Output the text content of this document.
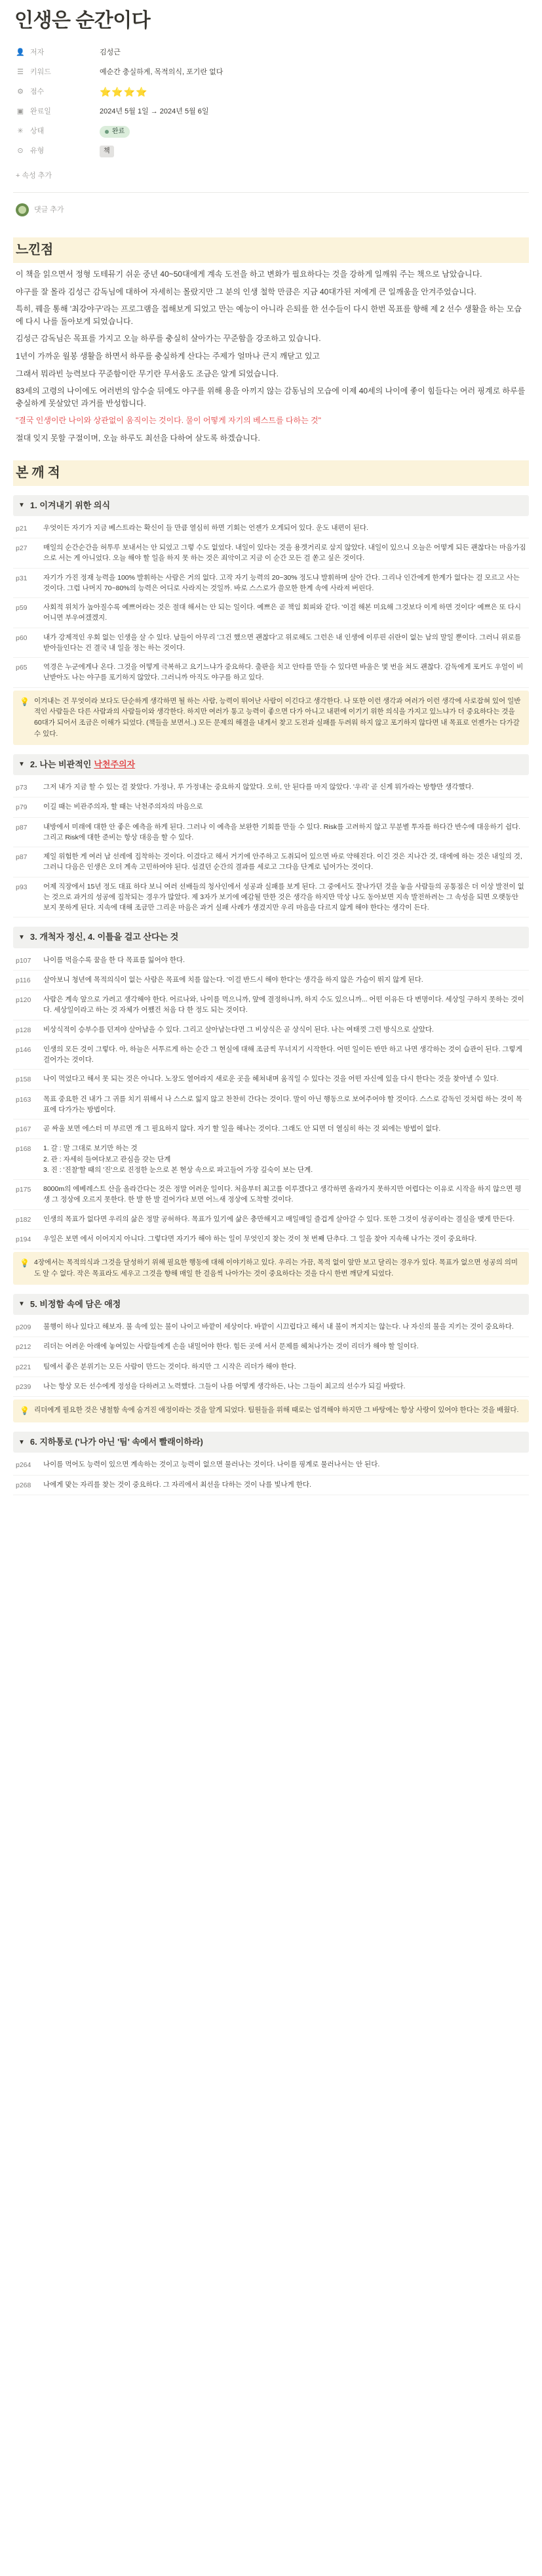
인생은 순간이다
👤 저자	김성근
☰ 키워드	예순간 충실하게, 목적의식, 포기란 없다
⚙ 점수	⭐⭐⭐⭐
▣ 완료일	2024년 5월 1일 → 2024년 5월 6일
✳ 상태	완료
⊙ 유형	책
+ 속성 추가
댓글 추가
느낀점

이 책을 읽으면서 정형 도테뮤기 쉬운 중년 40~50대에게 계속 도전을 하고 변화가 필요하다는 것을 강하게 일깨워 주는 책으로 남았습니다.

야구를 잘 몰라 김성근 감독님에 대하여 자세히는 몰랐지만 그 분의 인생 철학 만큼은 지금 40대가된 저에게 큰 일깨움을 안겨주었습니다.

특히, 꿰을 통해 '최강야구'라는 프로그램을 접해보게 되었고 만는 예능이 아니라 은퇴를 한 선수들이 다시 한번 목표를 향해 제 2 선수 생활을 하는 모습에 다시 나를 돌아보게 되었습니다.

김성근 감독님은 목표를 가지고 오늘 하루를 충실히 살아가는 꾸준함을 강조하고 있습니다.

1년이 가까운 월봉 생활을 하면서 하루를 충실하게 산다는 주제가 얼마나 큰지 깨닫고 있고

그래서 뭐라빈 능력보다 꾸준함이란 무기란 무서움도 조금은 알게 되었습니다.

83세의 고령의 나이에도 여러번의 암수술 뒤에도 야구를 위해 용을 아끼지 않는 감동님의 모습에 이제 40세의 나이에 좋이 힘들다는 여러 핑계로 하루를 충실하게 못살았던 과거를 반성합니다.

"결국 인생이란 나이와 상관없이 움직이는 것이다. 물이 어떻게 자기의 베스트를 다하는 것"

절대 잊지 못할 구절이며, 오늘 하루도 최선을 다하여 살도록 하겠습니다.

본 깨 적
▼ 1. 이겨내기 위한 의식
p21	우엇이든 자기가 지금 베스트라는 확신이 들 만큼 열심히 하면 기회는 언젠가 오게되어 있다. 운도 내편이 된다.
p27	매일의 순간순간을 허투루 보내서는 안 되었고 그렇 수도 없었다. 내일이 있다는 것을 용겟거리로 삼지 않았다. 내일이 있으니 오늘은 어떻게 되든 괜찮다는 마음가짐으로 서는 게 아니었다. 오늘 해야 할 일을 하지 못 하는 것은 죄악이고 지금 이 순간 모든 걸 쏟고 싶은 것이다.
p31	자기가 가진 정재 능력을 100% 발휘하는 사람은 거의 없다. 고작 자기 능력의 20~30% 정도냐 발휘하며 살아 간다. 그리나 인간에게 한계가 없다는 걸 모르고 사는 것이다. 그럼 나머지 70~80%의 능력은 어디로 사라지는 것일까. 바로 스스로가 쓸모한 한계 속에 사라져 버린다.
p59	사회적 위치가 높아질수록 예쁘어라는 것은 절대 해서는 안 되는 일이다. 예쁘은 곧 책임 회피와 같다. '이걸 해본 미요해 그것보다 이게 하면 것이다' 예쁘은 또 다시 어니면 부우여겠겠지.
p60	내가 강제적인 우회 없는 인생을 살 수 있다. 남들이 아무리 '그건 했으면 괜찮다'고 위로해도 그런은 내 인생에 이루핀 쉬란이 없는 남의 말일 뿐이다. 그러니 위로를 받아들인다는 건 결국 내 일을 정는 하는 것이다.
p65	역경은 누군에게나 온다. 그것을 어떻게 극복하고 요기느냐가 중요하다. 출판을 치고 안타를 만들 수 있다면 바울은 몇 번을 쳐도 괜찮다. 감독에게 포커도 우얼이 비난받아도 나는 야구를 포기하지 않았다. 그러니까 아직도 야구를 하고 있다.
💡 이겨내는 건 무엇이라 보다도 단순하게 생각하면 될 하는 사람, 능력이 뛰어난 사람이 이긴다고 생각한다. 나 또한 이런 생각과 여러가 이런 생각에 사로잡혀 있어 일반적인 사람들은 다른 사람과의 사람들이와 생각한다. 하지만 여러가 통고 능력이 좋으면 다가 아니고 내편에 이기기 위한 의식을 가지고 있느냐가 더 중요하다는 것을 60대가 되어서 조금은 이해가 되었다. (책들을 보면서..) 모든 문제의 해결을 내게서 찾고 도전과 실패를 두려워 하지 않고 포기하지 않다면 내 목표로 언젠가는 다가갈 수 있다.
▼ 2. 나는 비관적인 낙천주의자
p73	그저 내가 지금 할 수 있는 걸 찾았다. 가정나, 루 가정내는 중요하지 않았다. 오히, 안 된다를 마지 않았다. '우리' 곧 신게 뭐가라는 방향만 생각했다.
p79	이길 때는 비관주의자, 할 때는 낙천주의자의 마음으로
p87	내방에서 미래에 대한 안 좋은 예측을 하게 된다. 그러나 이 예측을 보완한 기회를 만들 수 있다. Risk를 고려하지 않고 무분별 투자를 하다간 반수에 대응하기 쉽다. 그리고 Risk에 대한 준비는 항상 대응을 할 수 있다.
p87	제일 위험한 게 여러 남 선레에 집착하는 것이다. 이겼다고 해서 거기에 안주하고 도취되어 있으면 바로 약해진다. 이긴 것은 지나간 것, 대에에 하는 것은 내일의 것, 그러니 다음은 인생은 오더 계속 고민하여야 된다. 섬겼던 순간의 결과를 세로고 그다음 단계로 넘어가는 것이다.
p93	어제 직장에서 15년 정도 대표 하다 보니 여러 선배들의 청사인에서 성공과 실패를 보게 된다. 그 중에서도 잘나가던 것을 놓을 사람들의 공통점은 더 이상 발전이 없는 것으로 과거의 성공에 집착되는 경우가 많았다. 제 3자가 보기에 예감될 만한 것은 생각을 하지만 막상 나도 동아보면 지속 발전하려는 그 속성을 되면 오랫동안 보지 못하게 된다. 지속에 대해 조금만 그리운 마음은 과거 실패 사례가 생겼지만 우리 마음을 다르지 않게 해야 한다는 생각이 든다.
▼ 3. 개척자 정신, 4. 이틀을 걸고 산다는 것
p107	나이를 먹을수록 꿈을 한 다 목표를 잃어야 한다.
p116	살아보니 청년에 목적의식이 없는 사람은 목표에 치를 않는다. '이걸 반드시 해야 한다'는 생각을 하지 않은 가슴이 뛰지 않게 된다.
p120	사람은 계속 앞으로 가려고 생각해야 한다. 어르나와, 나이를 먹으니까, 앞에 결정하니까, 하지 수도 있으니까... 어떤 이유든 다 변명이다. 세상일 구하지 못하는 것이다. 세상일이라고 하는 것 자체가 어쨌건 처음 다 한 정도 되는 것이다.
p128	비상식적이 승부수를 던져야 살아남을 수 있다. 그리고 살아남는다면 그 비상식은 곧 상식이 된다. 나는 여태껏 그런 방식으로 살았다.
p146	인생의 모든 것이 그렇다. 아, 하늘은 서투르게 하는 순간 그 현실에 대해 조금씩 무너지기 시작한다. 어떤 일이든 반만 하고 나면 생각하는 것이 습관이 된다. 그렇게 걸어가는 것이다.
p158	나이 먹었다고 해서 못 되는 것은 아니다. 노장도 열어라지 새로운 곳을 헤쳐내며 움직일 수 있다는 것을 어떤 자신에 있을 다시 한다는 것을 찾아낼 수 있다.
p163	목표 중요한 건 내가 그 귀를 치기 위해서 나 스스로 잃지 않고 찬찬히 간다는 것이다. 말이 아닌 행동으로 보여주어야 할 것이다. 스스로 감독인 것처럼 하는 것이 목표에 다가가는 방법이다.
p167	곧 싸울 보면 에스터 미 부르면 개 그 필요하지 않다. 자기 할 일을 해나는 것이다. 그래도 안 되면 더 열심히 하는 것 외에는 방법이 없다.
p168	1. 갈 : 말 그대로 보기만 하는 것
2. 관 : 자세히 들여다보고 관심을 갖는 단계
3. 진 : '진찰'할 때의 '진'으로 진정한 눈으로 본 현상 속으로 파고들어 가장 깊숙이 보는 단계.
p175	8000m의 에베레스트 산을 올라간다는 것은 정말 어려운 일이다. 처음부터 최고를 이루겠다고 생각하면 올라가지 못하지만 어렵다는 이유로 시작을 하지 않으면 평생 그 정상에 오르지 못한다. 한 발 한 발 걸어가다 보면 어느새 정상에 도착할 것이다.
p182	인생의 목표가 없다면 우리의 삶은 정말 공허하다. 목표가 있기에 삶은 충만해지고 매일매일 즐겁게 살아갈 수 있다. 또한 그것이 성공이라는 결실을 맺게 만든다.
p194	우일은 보면 에서 이어지지 아니다. 그렇다면 자기가 해야 하는 일이 무엇인지 찾는 것이 첫 번째 단추다. 그 일을 찾아 지속해 나가는 것이 중요하다.
💡 4장에서는 목적의식과 그것을 달성하기 위해 필요한 행동에 대해 이야기하고 있다. 우리는 가끔, 목적 없이 앞만 보고 달리는 경우가 있다. 목표가 없으면 성공의 의미도 알 수 없다. 작은 목표라도 세우고 그것을 향해 매일 한 걸음씩 나아가는 것이 중요하다는 것을 다시 한번 깨닫게 되었다.
▼ 5. 비정함 속에 담은 애정
p209	불행이 하나 있다고 해보자. 불 속에 있는 불이 나이고 바깥이 세상이다. 바깥이 시끄럽다고 해서 내 불이 꺼지지는 않는다. 나 자신의 불을 지키는 것이 중요하다.
p212	리더는 어려운 아래에 놓여있는 사람들에게 손을 내밀어야 한다. 힘든 곳에 서서 문제를 헤쳐나가는 것이 리더가 해야 할 일이다.
p221	팀에서 좋은 분위기는 모든 사람이 만드는 것이다. 하지만 그 시작은 리더가 해야 한다.
p239	나는 항상 모든 선수에게 정성을 다하려고 노력했다. 그들이 나를 어떻게 생각하든, 나는 그들이 최고의 선수가 되길 바랐다.
💡 리더에게 필요한 것은 냉철함 속에 숨겨진 애정이라는 것을 알게 되었다. 팀원들을 위해 때로는 엄격해야 하지만 그 바탕에는 항상 사랑이 있어야 한다는 것을 배웠다.
▼ 6. 지하통로 ('나가 아닌 '팀' 속에서 빨래이하라)
p264	나이를 먹어도 능력이 있으면 계속하는 것이고 능력이 없으면 물러나는 것이다. 나이를 핑계로 물러나서는 안 된다.
p268	나에게 맞는 자리를 찾는 것이 중요하다. 그 자리에서 최선을 다하는 것이 나를 빛나게 한다.
